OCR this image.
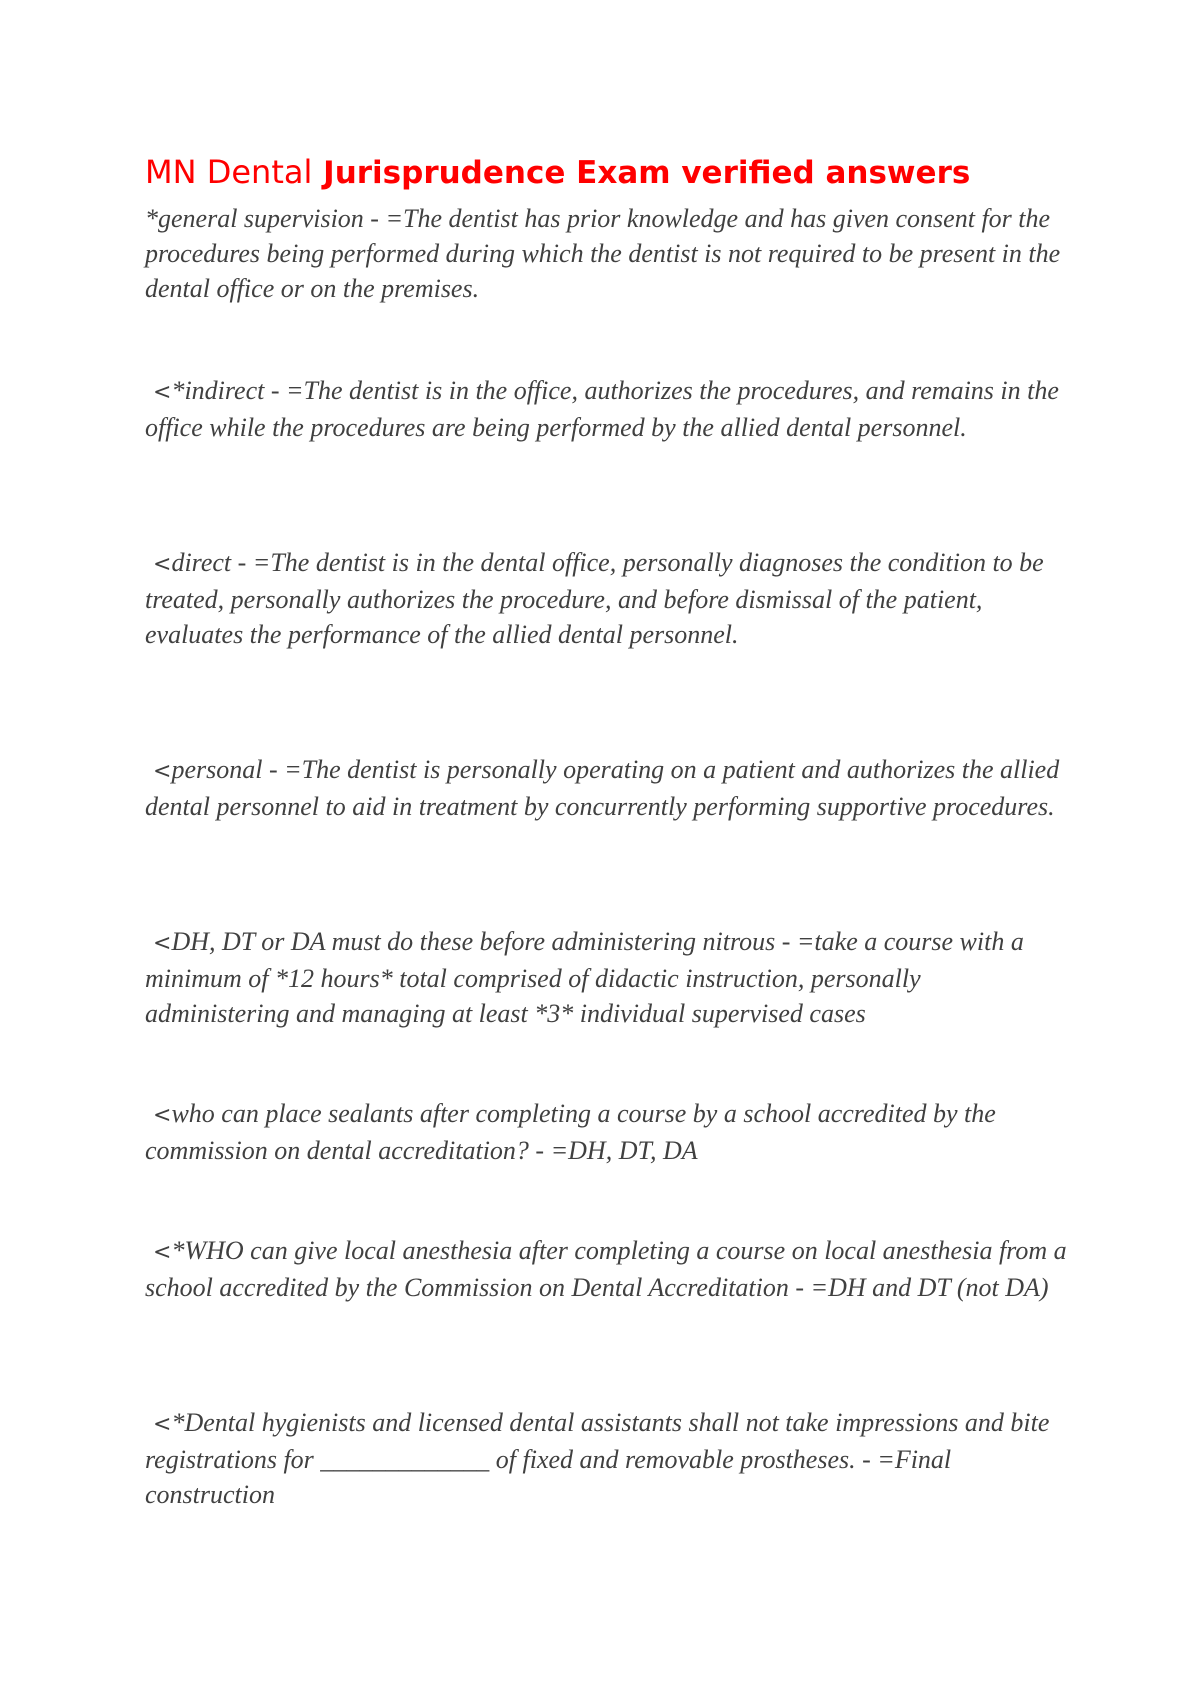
MN Dental Jurisprudence Exam verified answers

*general supervision - =The dentist has prior knowledge and has given consent for the procedures being performed during which the dentist is not required to be present in the dental office or on the premises.

<*indirect - =The dentist is in the office, authorizes the procedures, and remains in the office while the procedures are being performed by the allied dental personnel.

<direct - =The dentist is in the dental office, personally diagnoses the condition to be treated, personally authorizes the procedure, and before dismissal of the patient, evaluates the performance of the allied dental personnel.

<personal - =The dentist is personally operating on a patient and authorizes the allied dental personnel to aid in treatment by concurrently performing supportive procedures.

<DH, DT or DA must do these before administering nitrous - =take a course with a minimum of *12 hours* total comprised of didactic instruction, personally administering and managing at least *3* individual supervised cases

<who can place sealants after completing a course by a school accredited by the commission on dental accreditation? - =DH, DT, DA

<*WHO can give local anesthesia after completing a course on local anesthesia from a school accredited by the Commission on Dental Accreditation - =DH and DT (not DA)

<*Dental hygienists and licensed dental assistants shall not take impressions and bite registrations for _____________ of fixed and removable prostheses. - =Final construction
